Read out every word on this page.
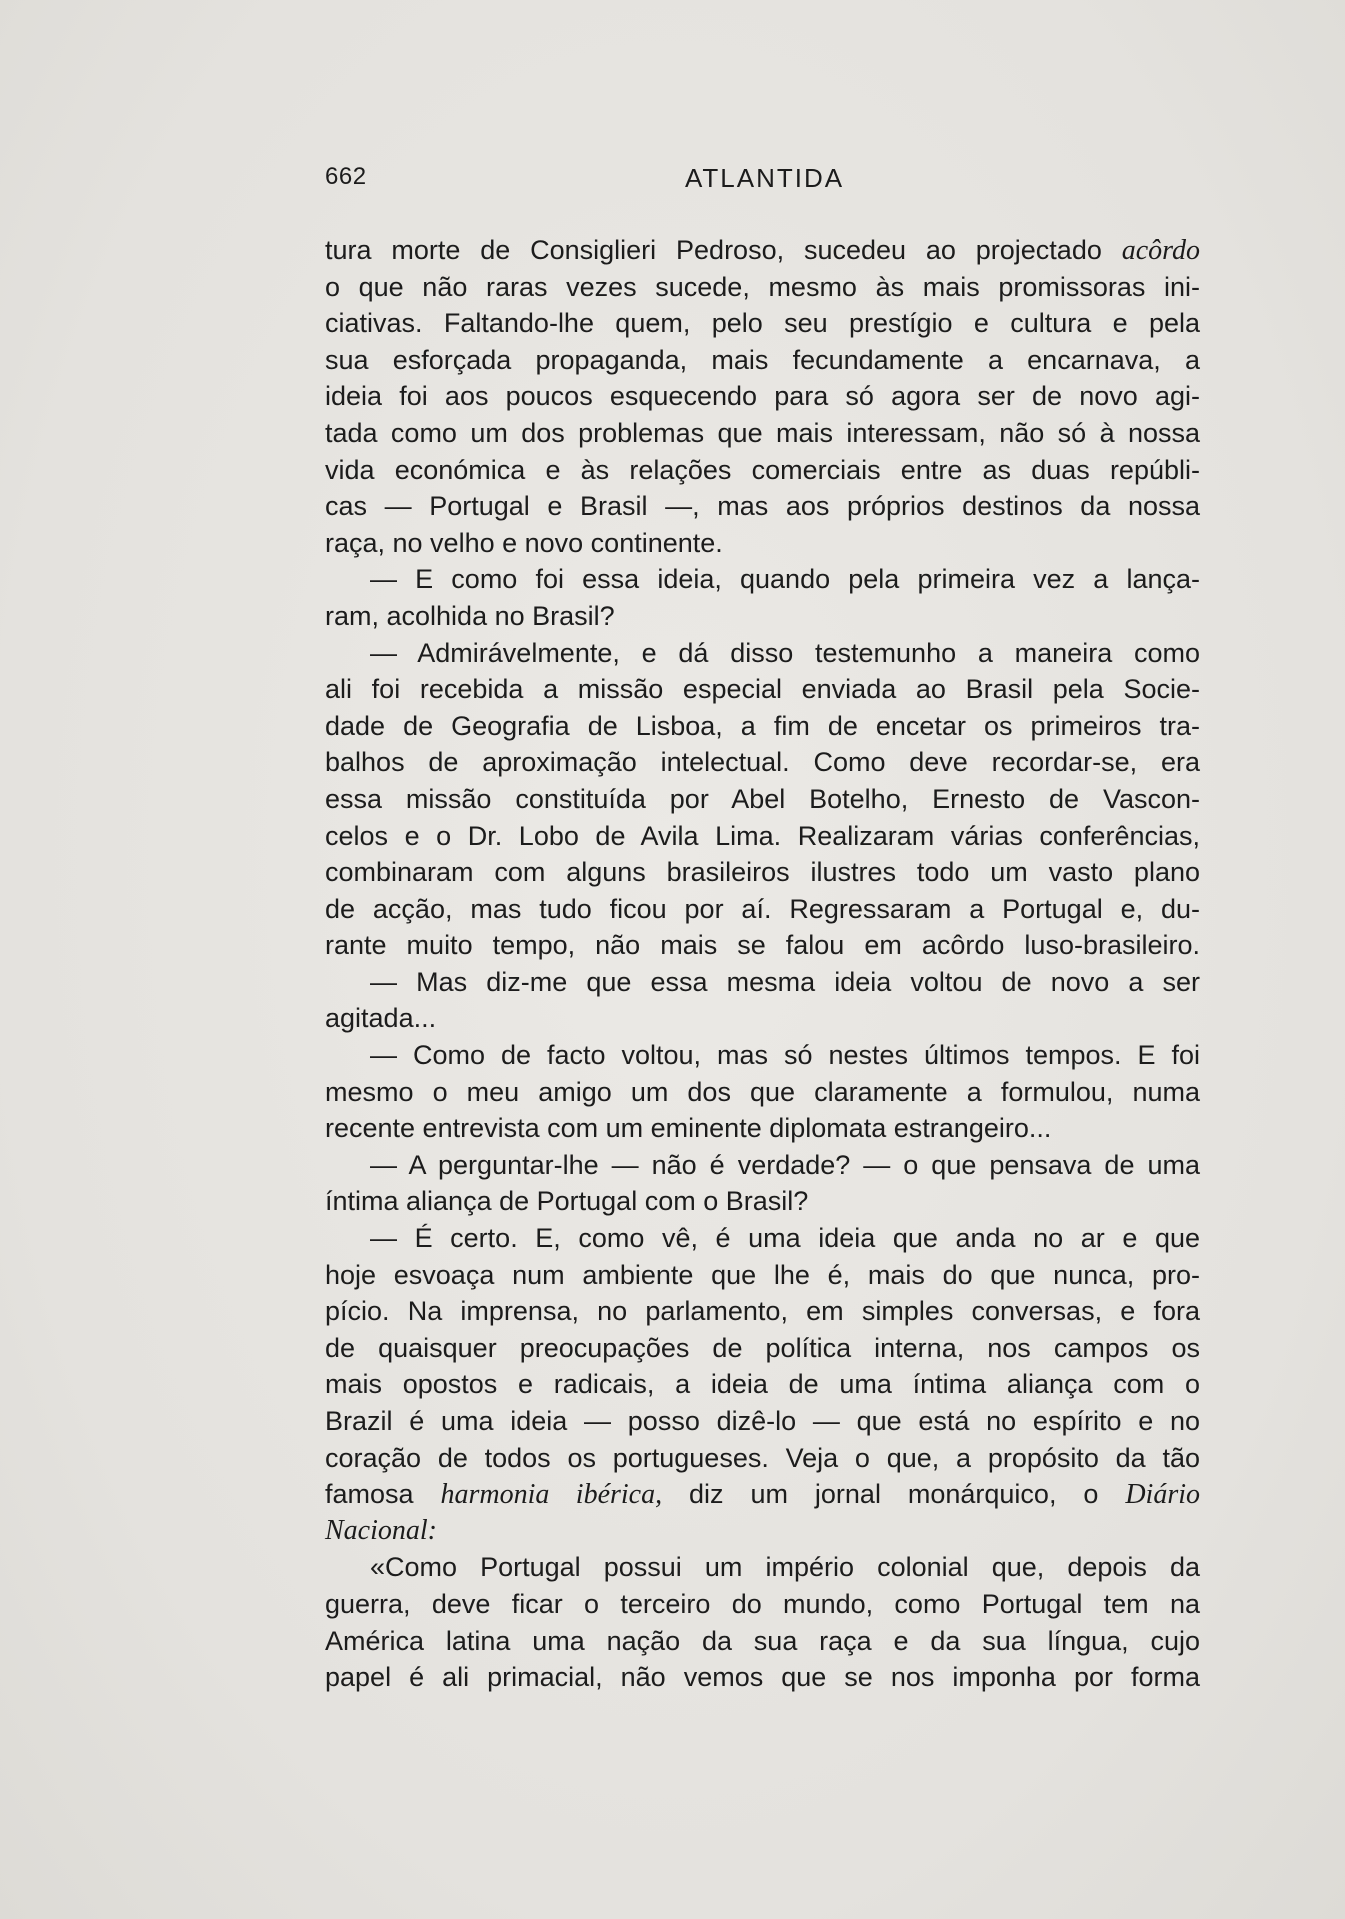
662	ATLANTIDA
tura morte de Consiglieri Pedroso, sucedeu ao projectado acôrdo
o que não raras vezes sucede, mesmo às mais promissoras ini-
ciativas. Faltando-lhe quem, pelo seu prestígio e cultura e pela
sua esforçada propaganda, mais fecundamente a encarnava, a
ideia foi aos poucos esquecendo para só agora ser de novo agi-
tada como um dos problemas que mais interessam, não só à nossa
vida económica e às relações comerciais entre as duas repúbli-
cas — Portugal e Brasil —, mas aos próprios destinos da nossa
raça, no velho e novo continente.
— E como foi essa ideia, quando pela primeira vez a lança-
ram, acolhida no Brasil?
— Admirávelmente, e dá disso testemunho a maneira como
ali foi recebida a missão especial enviada ao Brasil pela Socie-
dade de Geografia de Lisboa, a fim de encetar os primeiros tra-
balhos de aproximação intelectual. Como deve recordar-se, era
essa missão constituída por Abel Botelho, Ernesto de Vascon-
celos e o Dr. Lobo de Avila Lima. Realizaram várias conferências,
combinaram com alguns brasileiros ilustres todo um vasto plano
de acção, mas tudo ficou por aí. Regressaram a Portugal e, du-
rante muito tempo, não mais se falou em acôrdo luso-brasileiro.
— Mas diz-me que essa mesma ideia voltou de novo a ser
agitada...
— Como de facto voltou, mas só nestes últimos tempos. E foi
mesmo o meu amigo um dos que claramente a formulou, numa
recente entrevista com um eminente diplomata estrangeiro...
— A perguntar-lhe — não é verdade? — o que pensava de uma
íntima aliança de Portugal com o Brasil?
— É certo. E, como vê, é uma ideia que anda no ar e que
hoje esvoaça num ambiente que lhe é, mais do que nunca, pro-
pício. Na imprensa, no parlamento, em simples conversas, e fora
de quaisquer preocupações de política interna, nos campos os
mais opostos e radicais, a ideia de uma íntima aliança com o
Brazil é uma ideia — posso dizê-lo — que está no espírito e no
coração de todos os portugueses. Veja o que, a propósito da tão
famosa harmonia ibérica, diz um jornal monárquico, o Diário
Nacional:
«Como Portugal possui um império colonial que, depois da
guerra, deve ficar o terceiro do mundo, como Portugal tem na
América latina uma nação da sua raça e da sua língua, cujo
papel é ali primacial, não vemos que se nos imponha por forma
